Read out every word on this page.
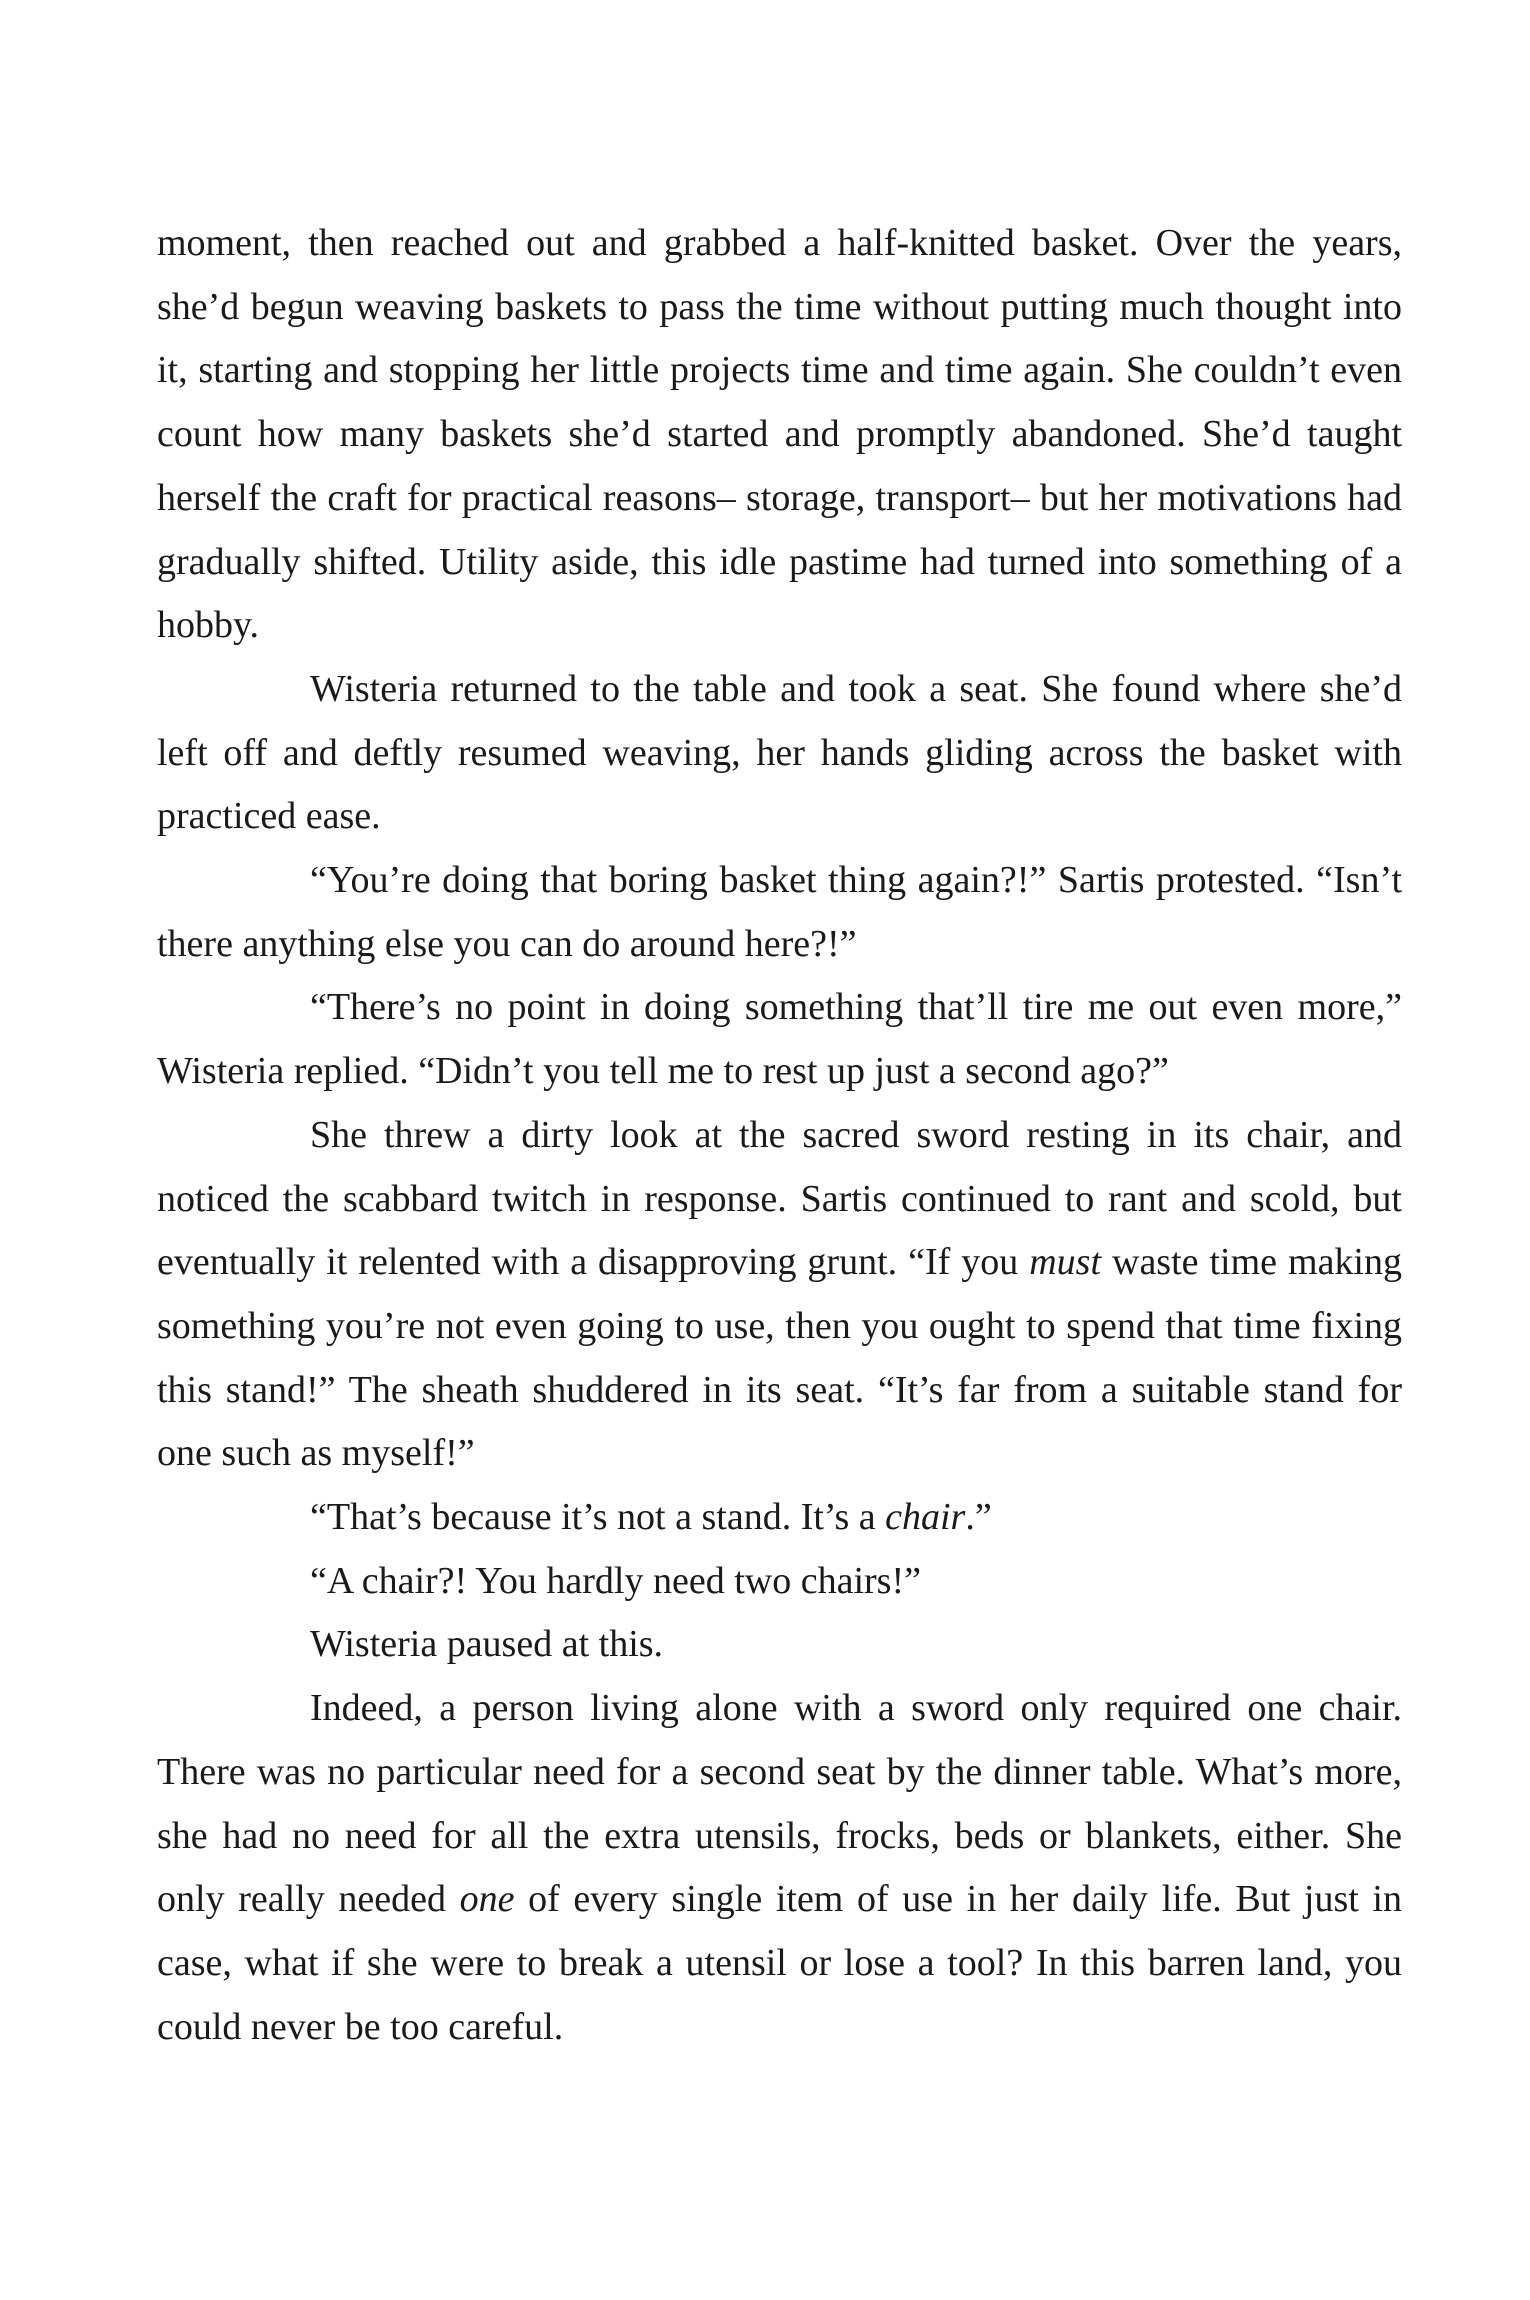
moment, then reached out and grabbed a half-knitted basket. Over the years, she’d begun weaving baskets to pass the time without putting much thought into it, starting and stopping her little projects time and time again. She couldn’t even count how many baskets she’d started and promptly abandoned. She’d taught herself the craft for practical reasons– storage, transport– but her motivations had gradually shifted. Utility aside, this idle pastime had turned into something of a hobby.

Wisteria returned to the table and took a seat. She found where she’d left off and deftly resumed weaving, her hands gliding across the basket with practiced ease.

“You’re doing that boring basket thing again?!” Sartis protested. “Isn’t there anything else you can do around here?!”

“There’s no point in doing something that’ll tire me out even more,” Wisteria replied. “Didn’t you tell me to rest up just a second ago?”

She threw a dirty look at the sacred sword resting in its chair, and noticed the scabbard twitch in response. Sartis continued to rant and scold, but eventually it relented with a disapproving grunt. “If you must waste time making something you’re not even going to use, then you ought to spend that time fixing this stand!” The sheath shuddered in its seat. “It’s far from a suitable stand for one such as myself!”

“That’s because it’s not a stand. It’s a chair.”

“A chair?! You hardly need two chairs!”

Wisteria paused at this.

Indeed, a person living alone with a sword only required one chair. There was no particular need for a second seat by the dinner table. What’s more, she had no need for all the extra utensils, frocks, beds or blankets, either. She only really needed one of every single item of use in her daily life. But just in case, what if she were to break a utensil or lose a tool? In this barren land, you could never be too careful.
